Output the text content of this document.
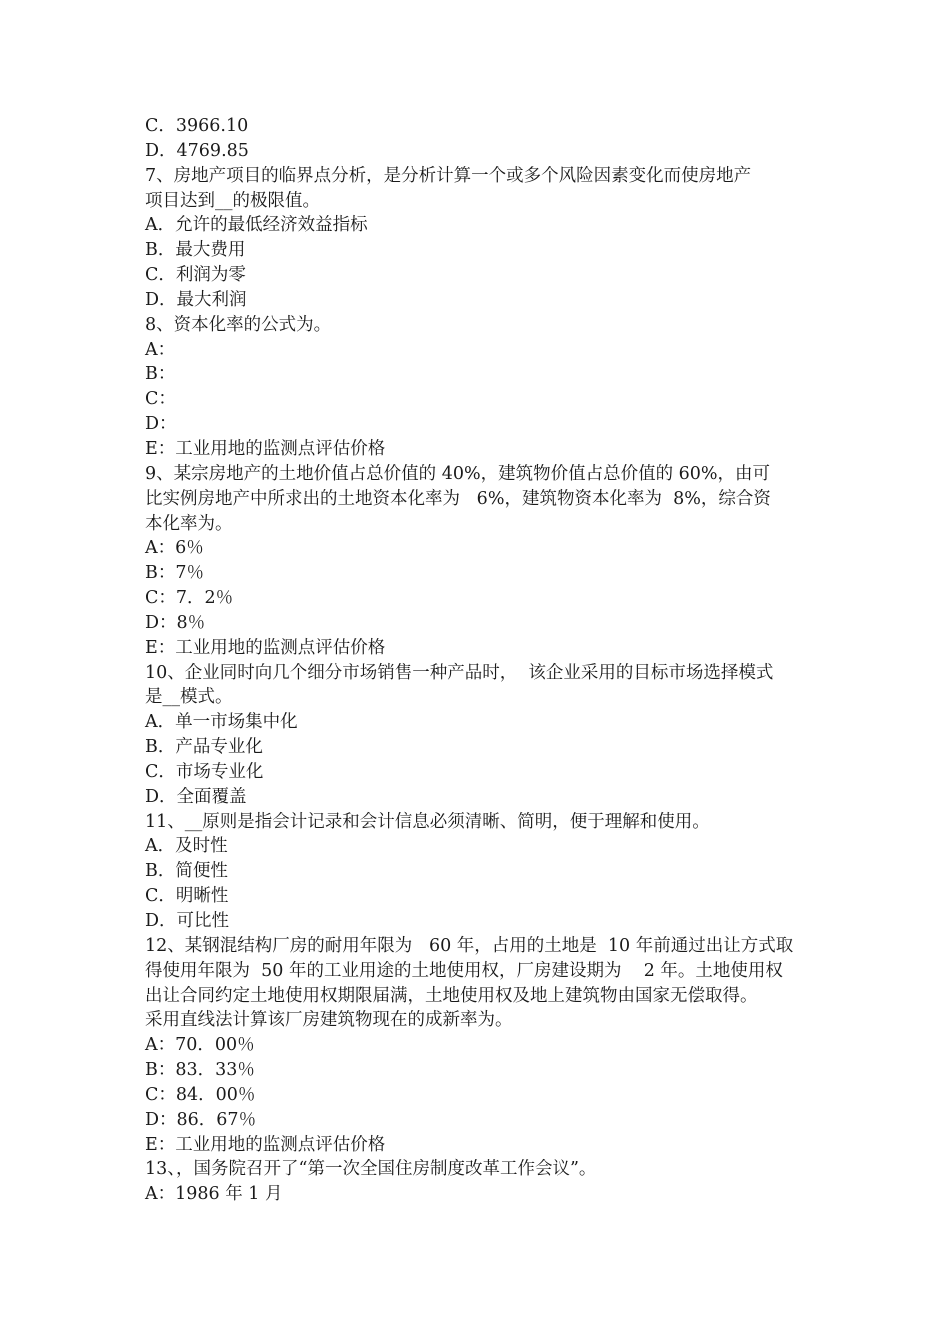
C．3966.10
D．4769.85
7、房地产项目的临界点分析，是分析计算一个或多个风险因素变化而使房地产
项目达到__的极限值。
A．允许的最低经济效益指标
B．最大费用
C．利润为零
D．最大利润
8、资本化率的公式为。
A：
B：
C：
D：
E：工业用地的监测点评估价格
9、某宗房地产的土地价值占总价值的 40%，建筑物价值占总价值的 60%，由可
比实例房地产中所求出的土地资本化率为   6%，建筑物资本化率为  8%，综合资
本化率为。
A：6％
B：7％
C：7．2％
D：8％
E：工业用地的监测点评估价格
10、企业同时向几个细分市场销售一种产品时，  该企业采用的目标市场选择模式
是__模式。
A．单一市场集中化
B．产品专业化
C．市场专业化
D．全面覆盖
11、__原则是指会计记录和会计信息必须清晰、简明，便于理解和使用。
A．及时性
B．简便性
C．明晰性
D．可比性
12、某钢混结构厂房的耐用年限为   60 年，占用的土地是  10 年前通过出让方式取
得使用年限为  50 年的工业用途的土地使用权，厂房建设期为    2 年。土地使用权
出让合同约定土地使用权期限届满，土地使用权及地上建筑物由国家无偿取得。
采用直线法计算该厂房建筑物现在的成新率为。
A：70．00％
B：83．33％
C：84．00％
D：86．67％
E：工业用地的监测点评估价格
13、，国务院召开了“第一次全国住房制度改革工作会议”。
A：1986 年 1 月
